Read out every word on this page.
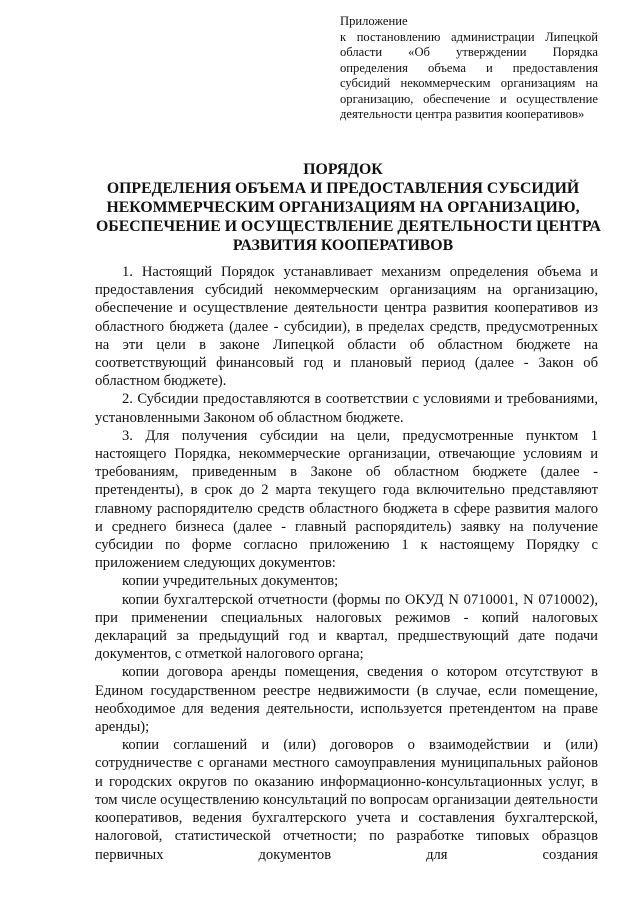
Приложение
к постановлению администрации Липецкой области «Об утверждении Порядка определения объема и предоставления субсидий некоммерческим организациям на организацию, обеспечение и осуществление деятельности центра развития кооперативов»
ПОРЯДОК
ОПРЕДЕЛЕНИЯ ОБЪЕМА И ПРЕДОСТАВЛЕНИЯ СУБСИДИЙ
НЕКОММЕРЧЕСКИМ ОРГАНИЗАЦИЯМ НА ОРГАНИЗАЦИЮ,
ОБЕСПЕЧЕНИЕ И ОСУЩЕСТВЛЕНИЕ ДЕЯТЕЛЬНОСТИ ЦЕНТРА
РАЗВИТИЯ КООПЕРАТИВОВ

1. Настоящий Порядок устанавливает механизм определения объема и предоставления субсидий некоммерческим организациям на организацию, обеспечение и осуществление деятельности центра развития кооперативов из областного бюджета (далее - субсидии), в пределах средств, предусмотренных на эти цели в законе Липецкой области об областном бюджете на соответствующий финансовый год и плановый период (далее - Закон об областном бюджете).

2. Субсидии предоставляются в соответствии с условиями и требованиями, установленными Законом об областном бюджете.

3. Для получения субсидии на цели, предусмотренные пунктом 1 настоящего Порядка, некоммерческие организации, отвечающие условиям и требованиям, приведенным в Законе об областном бюджете (далее - претенденты), в срок до 2 марта текущего года включительно представляют главному распорядителю средств областного бюджета в сфере развития малого и среднего бизнеса (далее - главный распорядитель) заявку на получение субсидии по форме согласно приложению 1 к настоящему Порядку с приложением следующих документов:

копии учредительных документов;

копии бухгалтерской отчетности (формы по ОКУД N 0710001, N 0710002), при применении специальных налоговых режимов - копий налоговых деклараций за предыдущий год и квартал, предшествующий дате подачи документов, с отметкой налогового органа;

копии договора аренды помещения, сведения о котором отсутствуют в Едином государственном реестре недвижимости (в случае, если помещение, необходимое для ведения деятельности, используется претендентом на праве аренды);

копии соглашений и (или) договоров о взаимодействии и (или) сотрудничестве с органами местного самоуправления муниципальных районов и городских округов по оказанию информационно-консультационных услуг, в том числе осуществлению консультаций по вопросам организации деятельности кооперативов, ведения бухгалтерского учета и составления бухгалтерской, налоговой, статистической отчетности; по разработке типовых образцов первичных документов для создания
